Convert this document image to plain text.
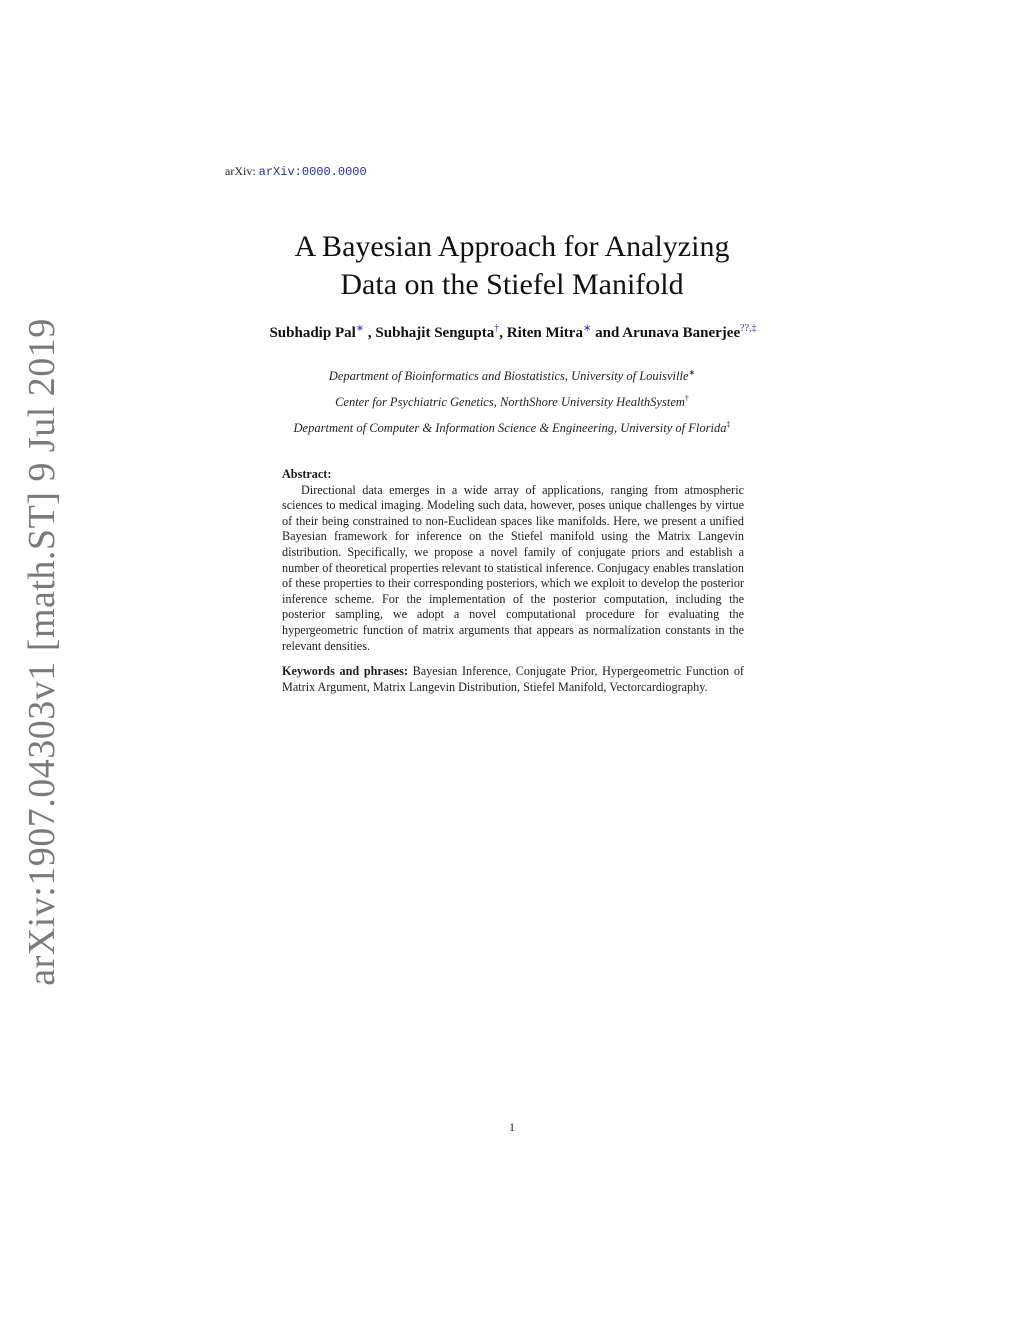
arXiv:1907.04303v1 [math.ST] 9 Jul 2019
arXiv: arXiv:0000.0000
A Bayesian Approach for Analyzing
Data on the Stiefel Manifold
Subhadip Pal∗ , Subhajit Sengupta†, Riten Mitra∗ and Arunava Banerjee??,‡
Department of Bioinformatics and Biostatistics, University of Louisville∗
Center for Psychiatric Genetics, NorthShore University HealthSystem†
Department of Computer & Information Science & Engineering, University of Florida‡
Abstract:

Directional data emerges in a wide array of applications, ranging from atmospheric sciences to medical imaging. Modeling such data, however, poses unique challenges by virtue of their being constrained to non-Euclidean spaces like manifolds. Here, we present a unified Bayesian framework for inference on the Stiefel manifold using the Matrix Langevin distribution. Specifically, we propose a novel family of conjugate priors and establish a number of theoretical properties relevant to statistical inference. Conjugacy enables translation of these properties to their corresponding posteriors, which we exploit to develop the posterior inference scheme. For the implementation of the posterior computation, including the posterior sampling, we adopt a novel computational procedure for evaluating the hypergeometric function of matrix arguments that appears as normalization constants in the relevant densities.

Keywords and phrases: Bayesian Inference, Conjugate Prior, Hypergeometric Function of Matrix Argument, Matrix Langevin Distribution, Stiefel Manifold, Vectorcardiography.
1
